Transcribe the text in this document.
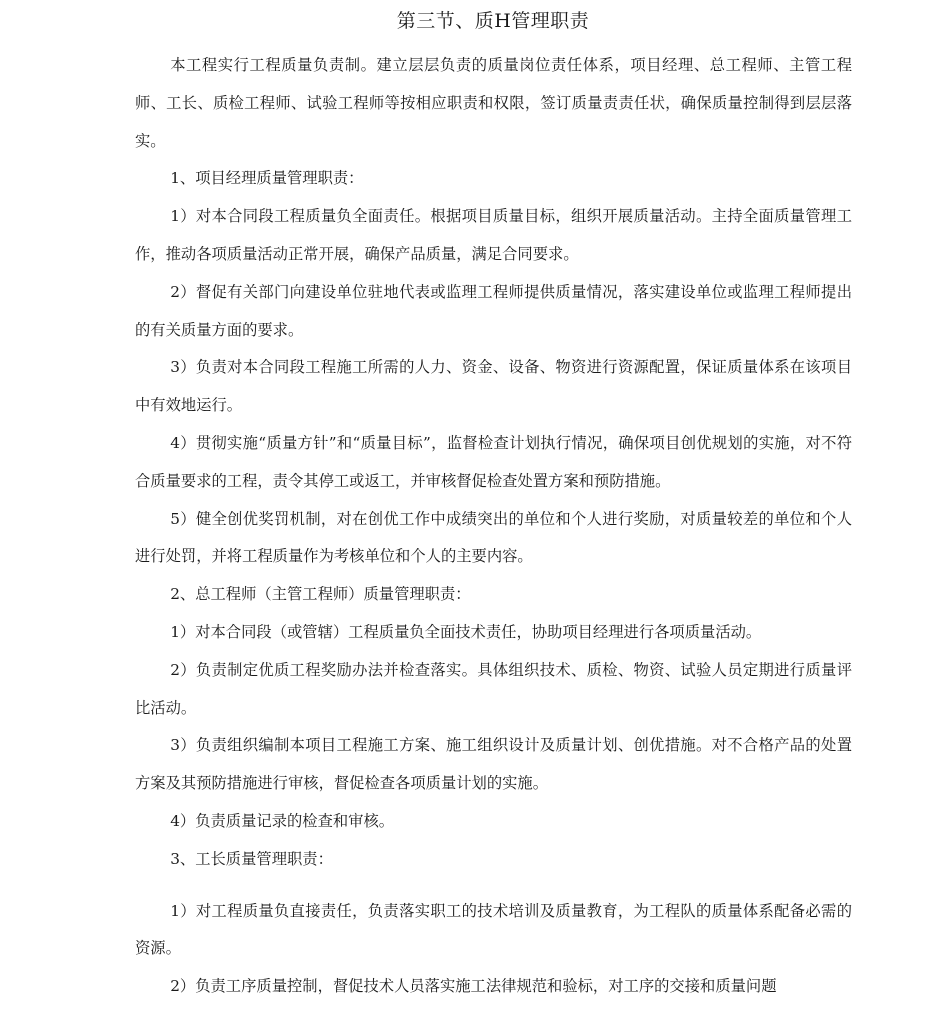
第三节、质H管理职责

本工程实行工程质量负责制。建立层层负责的质量岗位责任体系，项目经理、总工程师、主管工程师、工长、质检工程师、试验工程师等按相应职责和权限，签订质量责责任状，确保质量控制得到层层落实。

1、项目经理质量管理职责：

1）对本合同段工程质量负全面责任。根据项目质量目标，组织开展质量活动。主持全面质量管理工作，推动各项质量活动正常开展，确保产品质量，满足合同要求。

2）督促有关部门向建设单位驻地代表或监理工程师提供质量情况，落实建设单位或监理工程师提出的有关质量方面的要求。

3）负责对本合同段工程施工所需的人力、资金、设备、物资进行资源配置，保证质量体系在该项目中有效地运行。

4）贯彻实施“质量方针”和“质量目标”，监督检查计划执行情况，确保项目创优规划的实施，对不符合质量要求的工程，责令其停工或返工，并审核督促检查处置方案和预防措施。

5）健全创优奖罚机制，对在创优工作中成绩突出的单位和个人进行奖励，对质量较差的单位和个人进行处罚，并将工程质量作为考核单位和个人的主要内容。

2、总工程师（主管工程师）质量管理职责：

1）对本合同段（或管辖）工程质量负全面技术责任，协助项目经理进行各项质量活动。

2）负责制定优质工程奖励办法并检查落实。具体组织技术、质检、物资、试验人员定期进行质量评比活动。

3）负责组织编制本项目工程施工方案、施工组织设计及质量计划、创优措施。对不合格产品的处置方案及其预防措施进行审核，督促检查各项质量计划的实施。

4）负责质量记录的检查和审核。

3、工长质量管理职责：

1）对工程质量负直接责任，负责落实职工的技术培训及质量教育，为工程队的质量体系配备必需的资源。

2）负责工序质量控制，督促技术人员落实施工法律规范和验标，对工序的交接和质量问题
